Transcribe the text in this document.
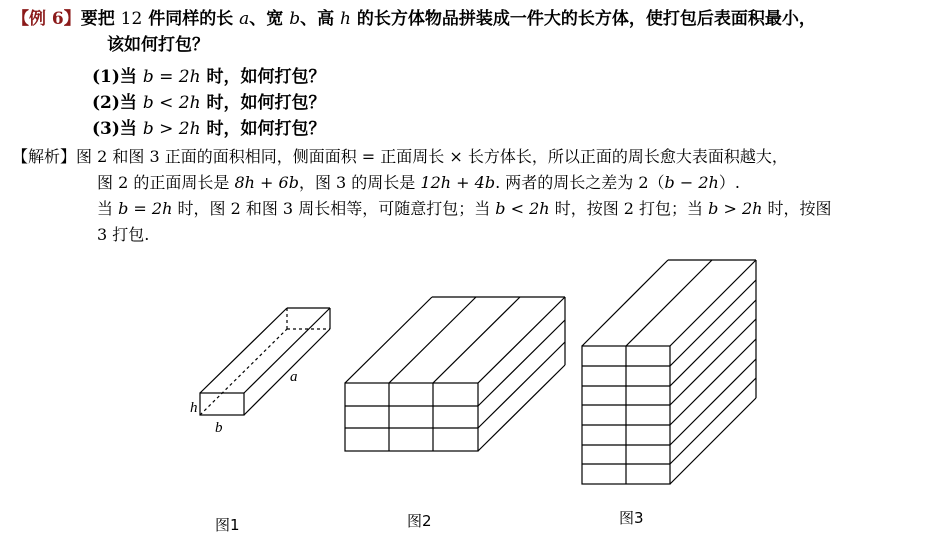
【例 6】要把 12 件同样的长 a、宽 b、高 h 的长方体物品拼装成一件大的长方体，使打包后表面积最小，
该如何打包？
(1)当 b = 2h 时，如何打包？
(2)当 b < 2h 时，如何打包？
(3)当 b > 2h 时，如何打包？
【解析】图 2 和图 3 正面的面积相同，侧面面积 = 正面周长 × 长方体长，所以正面的周长愈大表面积越大，
图 2 的正面周长是 8h + 6b，图 3 的周长是 12h + 4b. 两者的周长之差为 2（b − 2h）.
当 b = 2h 时，图 2 和图 3 周长相等，可随意打包；当 b < 2h 时，按图 2 打包；当 b > 2h 时，按图
3 打包.
a
h
b
图1	图2	图3
